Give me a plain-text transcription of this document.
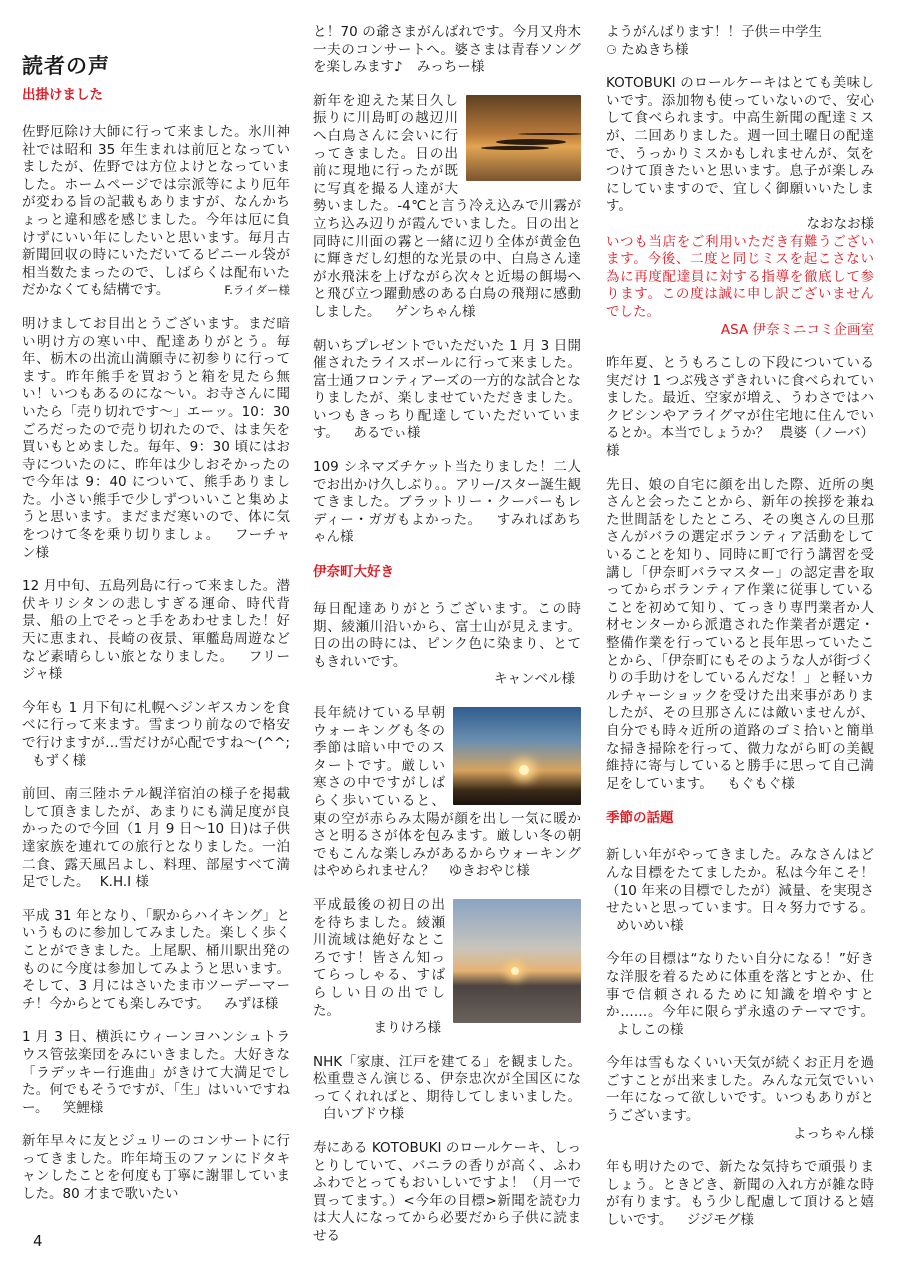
読者の声
出掛けました
佐野厄除け大師に行って来ました。氷川神社では昭和 35 年生まれは前厄となっていましたが、佐野では方位よけとなっていました。ホームページでは宗派等により厄年が変わる旨の記載もありますが、なんかちょっと違和感を感じました。今年は厄に負けずにいい年にしたいと思います。毎月古新聞回収の時にいただいてるビニール袋が相当数たまったので、しばらくは配布いただかなくても結構です。	F.ライダー様
明けましてお目出とうございます。まだ暗い明け方の寒い中、配達ありがとう。毎年、栃木の出流山満願寺に初参りに行ってます。昨年熊手を買おうと箱を見たら無い！いつもあるのにな〜い。お寺さんに聞いたら「売り切れです〜」エーッ。10：30 ごろだったので売り切れたので、はま矢を買いもとめました。毎年、9：30 頃にはお寺についたのに、昨年は少しおそかったので今年は 9：40 について、熊手ありました。小さい熊手で少しずついいこと集めようと思います。まだまだ寒いので、体に気をつけて冬を乗り切りましょ。 フーチャン様
12 月中旬、五島列島に行って来ました。潜伏キリシタンの悲しすぎる運命、時代背景、船の上でそっと手をあわせました！好天に恵まれ、長崎の夜景、軍艦島周遊などなど素晴らしい旅となりました。 フリージャ様
今年も 1 月下旬に札幌へジンギスカンを食べに行って来ます。雪まつり前なので格安で行けますが…雪だけが心配ですね〜(^^; もずく様
前回、南三陸ホテル観洋宿泊の様子を掲載して頂きましたが、あまりにも満足度が良かったので今回（1 月 9 日〜10 日)は子供達家族を連れての旅行となりました。一泊二食、露天風呂よし、料理、部屋すべて満足でした。 K.H.I 様
平成 31 年となり、「駅からハイキング」というものに参加してみました。楽しく歩くことができました。上尾駅、桶川駅出発のものに今度は参加してみようと思います。そして、3 月にはさいたま市ツーデーマーチ！今からとても楽しみです。 みずほ様
1 月 3 日、横浜にウィーンヨハンシュトラウス管弦楽団をみにいきました。大好きな「ラデッキー行進曲」がきけて大満足でした。何でもそうですが、「生」はいいですねー。 笑鯉様
新年早々に友とジュリーのコンサートに行ってきました。昨年埼玉のファンにドタキャンしたことを何度も丁寧に謝罪していました。80 才まで歌いたい
と！70 の爺さまがんばれです。今月又舟木一夫のコンサートへ。婆さまは青春ソングを楽しみます♪ みっちー様
新年を迎えた某日久し振りに川島町の越辺川へ白鳥さんに会いに行ってきました。日の出前に現地に行ったが既に写真を撮る人達が大勢いました。-4℃と言う冷え込みで川霧が立ち込み辺りが霞んでいました。日の出と同時に川面の霧と一緒に辺り全体が黄金色に輝きだし幻想的な光景の中、白鳥さん達が水飛沫を上げながら次々と近場の餌場へと飛び立つ躍動感のある白鳥の飛翔に感動しました。 ゲンちゃん様
朝いちプレゼントでいただいた 1 月 3 日開催されたライスボールに行って来ました。富士通フロンティアーズの一方的な試合となりましたが、楽しませていただきました。いつもきっちり配達していただいています。 あるでぃ様
109 シネマズチケット当たりました！二人でお出かけ久しぶり。。アリー/スター誕生観てきました。ブラットリー・クーパーもレディー・ガガもよかった。 すみればあちゃん様
伊奈町大好き
毎日配達ありがとうございます。この時期、綾瀬川沿いから、富士山が見えます。日の出の時には、ピンク色に染まり、とてもきれいです。
キャンベル様
長年続けている早朝ウォーキングも冬の季節は暗い中でのスタートです。厳しい寒さの中ですがしばらく歩いていると、東の空が赤らみ太陽が顔を出し一気に暖かさと明るさが体を包みます。厳しい冬の朝でもこんな楽しみがあるからウォーキングはやめられません？ ゆきおやじ様
平成最後の初日の出を待ちました。綾瀬川流域は絶好なところです！皆さん知ってらっしゃる、すばらしい日の出でした。
まりけろ様
NHK「家康、江戸を建てる」を観ました。松重豊さん演じる、伊奈忠次が全国区になってくれればと、期待してしまいました。 白いブドウ様
寿にある KOTOBUKI のロールケーキ、しっとりしていて、バニラの香りが高く、ふわふわでとってもおいしいですよ！（月一で買ってます。）<今年の目標>新聞を読む力は大人になってから必要だから子供に読ませる
ようがんばります！！子供＝中学生
⚆ たぬきち様
KOTOBUKI のロールケーキはとても美味しいです。添加物も使っていないので、安心して食べられます。中高生新聞の配達ミスが、二回ありました。週一回土曜日の配達で、うっかりミスかもしれませんが、気をつけて頂きたいと思います。息子が楽しみにしていますので、宜しく御願いいたします。
なおなお様
いつも当店をご利用いただき有難うございます。今後、二度と同じミスを起こさない為に再度配達員に対する指導を徹底して参ります。この度は誠に申し訳ございませんでした。
ASA 伊奈ミニコミ企画室
昨年夏、とうもろこしの下段についている実だけ 1 つぶ残さずきれいに食べられていました。最近、空家が増え、うわさではハクビシンやアライグマが住宅地に住んでいるとか。本当でしょうか？ 農婆（ノーバ）様
先日、娘の自宅に顔を出した際、近所の奥さんと会ったことから、新年の挨拶を兼ねた世間話をしたところ、その奥さんの旦那さんがバラの選定ボランティア活動をしていることを知り、同時に町で行う講習を受講し「伊奈町バラマスター」の認定書を取ってからボランティア作業に従事していることを初めて知り、てっきり専門業者か人材センターから派遣された作業者が選定・整備作業を行っていると長年思っていたことから、「伊奈町にもそのような人が街づくりの手助けをしているんだな！」と軽いカルチャーショックを受けた出来事がありましたが、その旦那さんには敵いませんが、自分でも時々近所の道路のゴミ拾いと簡単な掃き掃除を行って、微力ながら町の美観維持に寄与していると勝手に思って自己満足をしています。 もぐもぐ様
季節の話題
新しい年がやってきました。みなさんはどんな目標をたてましたか。私は今年こそ！（10 年来の目標でしたが）減量、を実現させたいと思っています。日々努力でする。 めいめい様
今年の目標は“なりたい自分になる！”好きな洋服を着るために体重を落とすとか、仕事で信頼されるために知識を増やすとか……。今年に限らず永遠のテーマです。 よしこの様
今年は雪もなくいい天気が続くお正月を過ごすことが出来ました。みんな元気でいい一年になって欲しいです。いつもありがとうございます。
よっちゃん様
年も明けたので、新たな気持ちで頑張りましょう。ときどき、新聞の入れ方が雑な時が有ります。もう少し配慮して頂けると嬉しいです。 ジジモグ様
4
